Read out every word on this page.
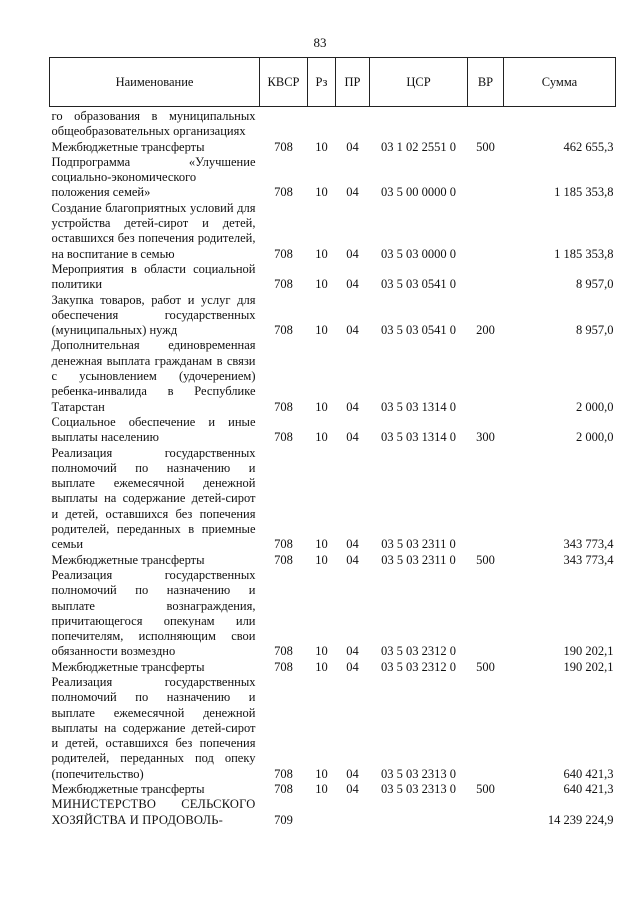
83
Наименование	КВСР	Рз	ПР	ЦСР	ВР	Сумма
го образования в муниципальных общеобразовательных организациях						
Межбюджетные трансферты	708	10	04	03 1 02 2551 0	500	462 655,3
Подпрограмма «Улучшение социально-экономического положения семей»	708	10	04	03 5 00 0000 0		1 185 353,8
Создание благоприятных условий для устройства детей-сирот и детей, оставшихся без попечения родителей, на воспитание в семью	708	10	04	03 5 03 0000 0		1 185 353,8
Мероприятия в области социальной политики	708	10	04	03 5 03 0541 0		8 957,0
Закупка товаров, работ и услуг для обеспечения государственных (муниципальных) нужд	708	10	04	03 5 03 0541 0	200	8 957,0
Дополнительная единовременная денежная выплата гражданам в связи с усыновлением (удочерением) ребенка-инвалида в Республике Татарстан	708	10	04	03 5 03 1314 0		2 000,0
Социальное обеспечение и иные выплаты населению	708	10	04	03 5 03 1314 0	300	2 000,0
Реализация государственных полномочий по назначению и выплате ежемесячной денежной выплаты на содержание детей-сирот и детей, оставшихся без попечения родителей, переданных в приемные семьи	708	10	04	03 5 03 2311 0		343 773,4
Межбюджетные трансферты	708	10	04	03 5 03 2311 0	500	343 773,4
Реализация государственных полномочий по назначению и выплате вознаграждения, причитающегося опекунам или попечителям, исполняющим свои обязанности возмездно	708	10	04	03 5 03 2312 0		190 202,1
Межбюджетные трансферты	708	10	04	03 5 03 2312 0	500	190 202,1
Реализация государственных полномочий по назначению и выплате ежемесячной денежной выплаты на содержание детей-сирот и детей, оставшихся без попечения родителей, переданных под опеку (попечительство)	708	10	04	03 5 03 2313 0		640 421,3
Межбюджетные трансферты	708	10	04	03 5 03 2313 0	500	640 421,3
МИНИСТЕРСТВО СЕЛЬСКОГО ХОЗЯЙСТВА И ПРОДОВОЛЬ-	709					14 239 224,9
